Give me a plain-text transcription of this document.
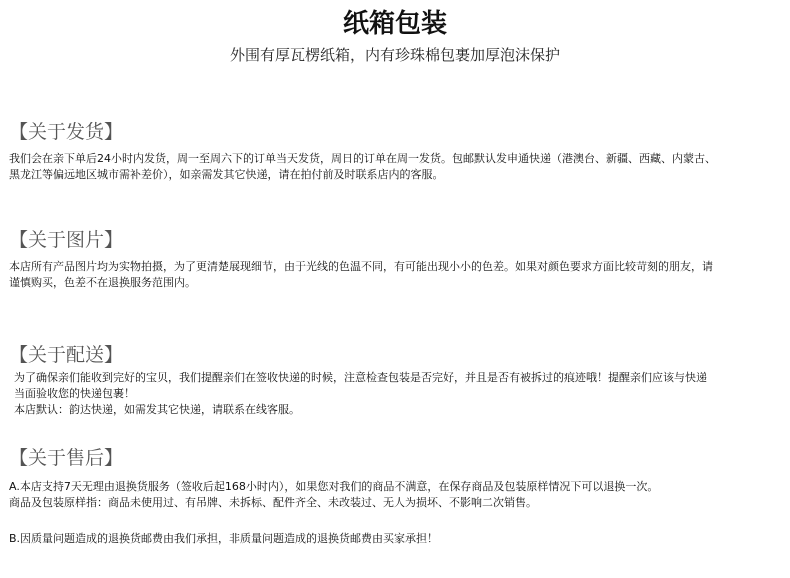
纸箱包装
外围有厚瓦楞纸箱，内有珍珠棉包裹加厚泡沫保护
【关于发货】
我们会在亲下单后24小时内发货，周一至周六下的订单当天发货，周日的订单在周一发货。包邮默认发申通快递（港澳台、新疆、西藏、内蒙古、
黑龙江等偏远地区城市需补差价），如亲需发其它快递，请在拍付前及时联系店内的客服。
【关于图片】
本店所有产品图片均为实物拍摄，为了更清楚展现细节，由于光线的色温不同，有可能出现小小的色差。如果对颜色要求方面比较苛刻的朋友，请
谨慎购买，色差不在退换服务范围内。
【关于配送】
为了确保亲们能收到完好的宝贝，我们提醒亲们在签收快递的时候，注意检查包装是否完好，并且是否有被拆过的痕迹哦！提醒亲们应该与快递
当面验收您的快递包裹！
本店默认：韵达快递，如需发其它快递，请联系在线客服。
【关于售后】
A.本店支持7天无理由退换货服务（签收后起168小时内），如果您对我们的商品不满意，在保存商品及包装原样情况下可以退换一次。
商品及包装原样指：商品未使用过、有吊牌、未拆标、配件齐全、未改装过、无人为损坏、不影响二次销售。
B.因质量问题造成的退换货邮费由我们承担，非质量问题造成的退换货邮费由买家承担！
